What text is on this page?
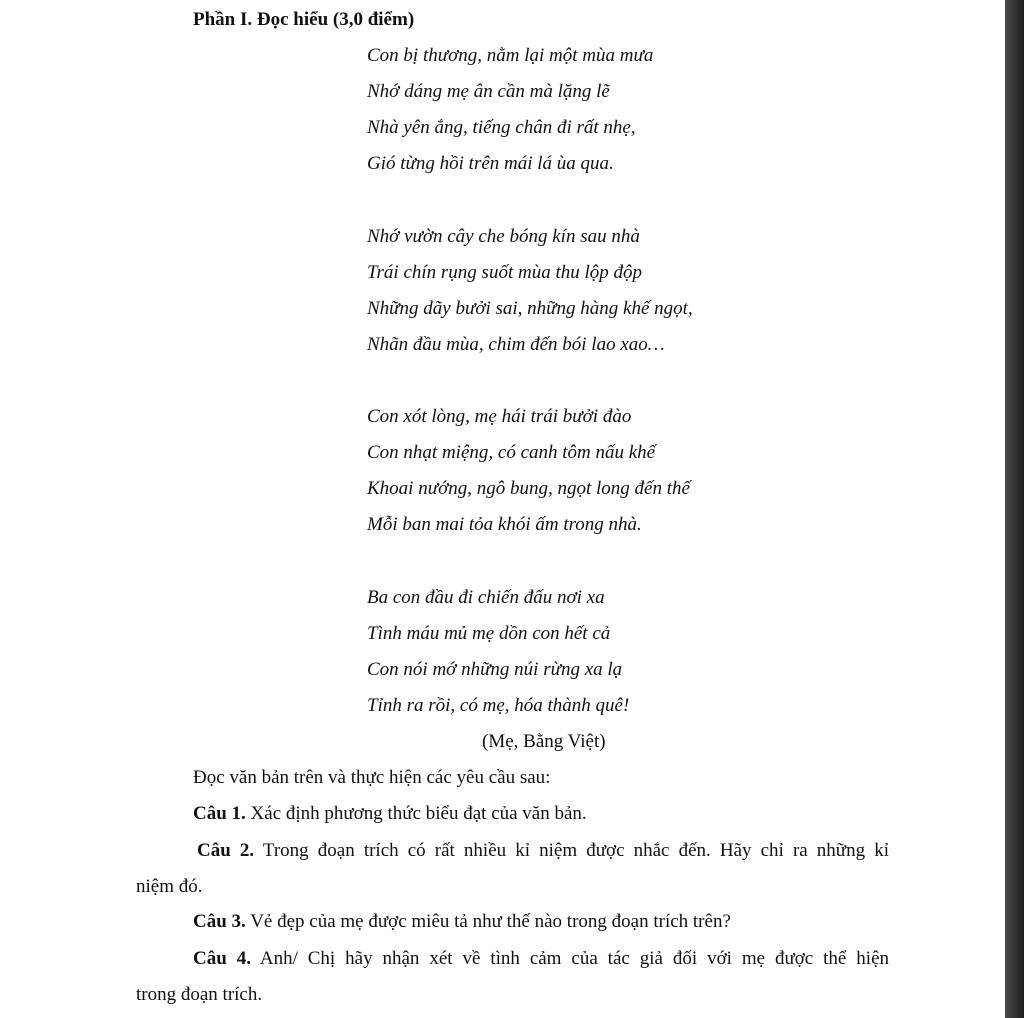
Phần I. Đọc hiểu (3,0 điểm)
Con bị thương, nằm lại một mùa mưa
Nhớ dáng mẹ ân cần mà lặng lẽ
Nhà yên ắng, tiếng chân đi rất nhẹ,
Gió từng hồi trên mái lá ùa qua.
Nhớ vườn cây che bóng kín sau nhà
Trái chín rụng suốt mùa thu lộp độp
Những dãy bưởi sai, những hàng khế ngọt,
Nhãn đầu mùa, chim đến bói lao xao…
Con xót lòng, mẹ hái trái bưởi đào
Con nhạt miệng, có canh tôm nấu khế
Khoai nướng, ngô bung, ngọt long đến thế
Mỗi ban mai tỏa khói ấm trong nhà.
Ba con đầu đi chiến đấu nơi xa
Tình máu mủ mẹ dồn con hết cả
Con nói mớ những núi rừng xa lạ
Tỉnh ra rồi, có mẹ, hóa thành quê!
(Mẹ, Bằng Việt)
Đọc văn bản trên và thực hiện các yêu cầu sau:
Câu 1. Xác định phương thức biểu đạt của văn bản.
Câu 2. Trong đoạn trích có rất nhiều kỉ niệm được nhắc đến. Hãy chỉ ra những kỉ
niệm đó.
Câu 3. Vẻ đẹp của mẹ được miêu tả như thế nào trong đoạn trích trên?
Câu 4. Anh/ Chị hãy nhận xét về tình cảm của tác giả đối với mẹ được thể hiện
trong đoạn trích.
